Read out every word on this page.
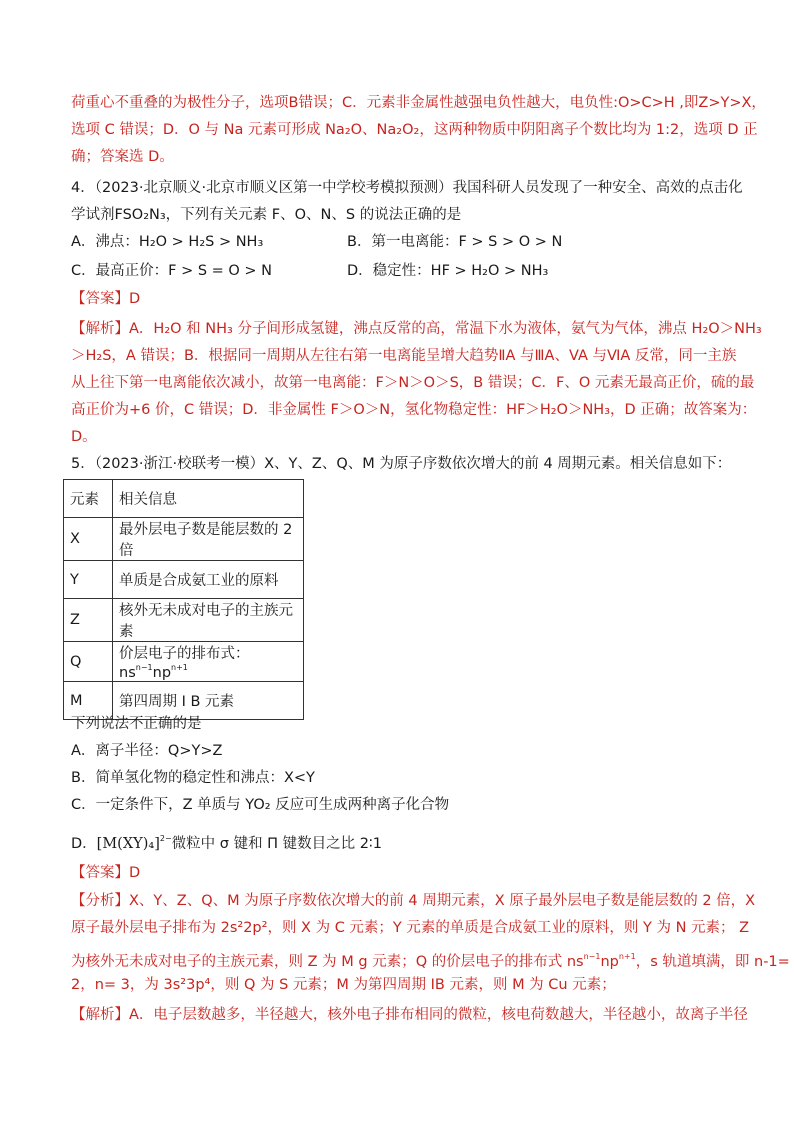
荷重心不重叠的为极性分子，选项B错误；C．元素非金属性越强电负性越大，电负性:O>C>H ,即Z>Y>X，
选项 C 错误；D．O 与 Na 元素可形成 Na₂O、Na₂O₂，这两种物质中阴阳离子个数比均为 1:2，选项 D 正
确；答案选 D。
4．（2023·北京顺义·北京市顺义区第一中学校考模拟预测）我国科研人员发现了一种安全、高效的点击化
学试剂FSO₂N₃，下列有关元素 F、O、N、S 的说法正确的是
A．沸点：H₂O > H₂S > NH₃	B．第一电离能：F > S > O > N
C．最高正价：F > S = O > N	D．稳定性：HF > H₂O > NH₃
【答案】D
【解析】A．H₂O 和 NH₃ 分子间形成氢键，沸点反常的高，常温下水为液体，氨气为气体，沸点 H₂O＞NH₃
＞H₂S，A 错误；B．根据同一周期从左往右第一电离能呈增大趋势ⅡA 与ⅢA、VA 与ⅥA 反常，同一主族
从上往下第一电离能依次减小，故第一电离能：F＞N＞O＞S，B 错误；C．F、O 元素无最高正价，硫的最
高正价为+6 价，C 错误；D．非金属性 F＞O＞N，氢化物稳定性：HF＞H₂O＞NH₃，D 正确；故答案为：
D。
5．（2023·浙江·校联考一模）X、Y、Z、Q、M 为原子序数依次增大的前 4 周期元素。相关信息如下：
元素	相关信息
X	最外层电子数是能层数的 2 倍
Y	单质是合成氨工业的原料
Z	核外无未成对电子的主族元素
Q	价层电子的排布式：$ns^{n-1}np^{n+1}$
M	第四周期 I B 元素
下列说法不正确的是
A．离子半径：Q>Y>Z
B．简单氢化物的稳定性和沸点：X<Y
C．一定条件下，Z 单质与 YO₂ 反应可生成两种离子化合物
D．$[M(XY)_4]^{2-}$微粒中 σ 键和 Π 键数目之比 2∶1
【答案】D
【分析】X、Y、Z、Q、M 为原子序数依次增大的前 4 周期元素，X 原子最外层电子数是能层数的 2 倍，X
原子最外层电子排布为 2s²2p²，则 X 为 C 元素；Y 元素的单质是合成氨工业的原料，则 Y 为 N 元素； Z
为核外无未成对电子的主族元素，则 Z 为 M g 元素；Q 的价层电子的排布式 $ns^{n-1}np^{n+1}$，s 轨道填满，即 n-1=
2，n= 3，为 3s²3p⁴，则 Q 为 S 元素；M 为第四周期 IB 元素，则 M 为 Cu 元素；
【解析】A．电子层数越多，半径越大，核外电子排布相同的微粒，核电荷数越大，半径越小，故离子半径
